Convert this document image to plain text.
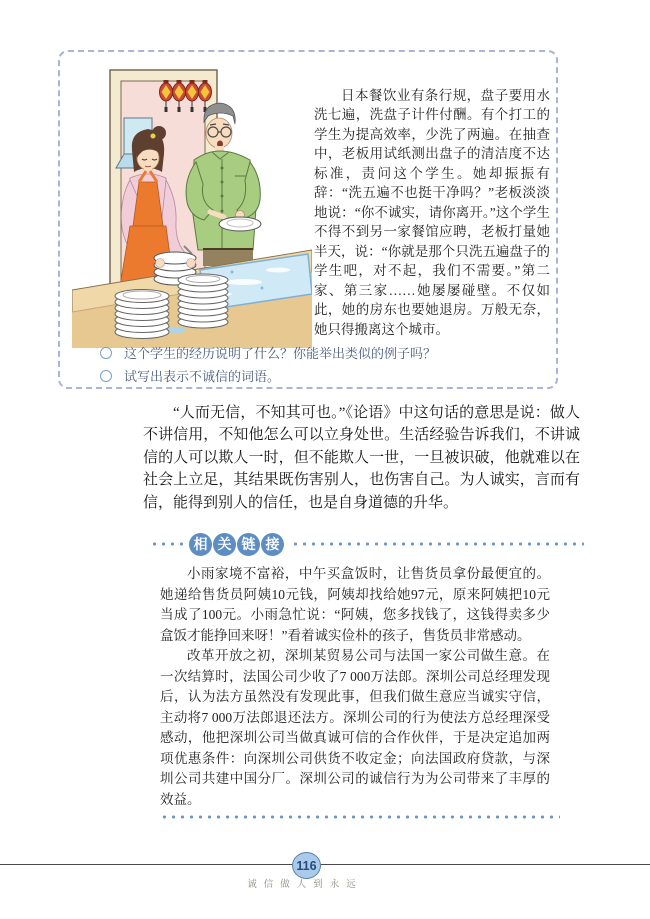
日本餐饮业有条行规，盘子要用水洗七遍，洗盘子计件付酬。有个打工的学生为提高效率，少洗了两遍。在抽查中，老板用试纸测出盘子的清洁度不达标准，责问这个学生。她却振振有辞：“洗五遍不也挺干净吗？”老板淡淡地说：“你不诚实，请你离开。”这个学生不得不到另一家餐馆应聘，老板打量她半天，说：“你就是那个只洗五遍盘子的学生吧，对不起，我们不需要。”第二家、第三家……她屡屡碰壁。不仅如此，她的房东也要她退房。万般无奈，她只得搬离这个城市。

这个学生的经历说明了什么？你能举出类似的例子吗？
试写出表示不诚信的词语。

“人而无信，不知其可也。”《论语》中这句话的意思是说：做人不讲信用，不知他怎么可以立身处世。生活经验告诉我们，不讲诚信的人可以欺人一时，但不能欺人一世，一旦被识破，他就难以在社会上立足，其结果既伤害别人，也伤害自己。为人诚实，言而有信，能得到别人的信任，也是自身道德的升华。

相 关 链 接

小雨家境不富裕，中午买盒饭时，让售货员拿份最便宜的。她递给售货员阿姨10元钱，阿姨却找给她97元，原来阿姨把10元当成了100元。小雨急忙说：“阿姨，您多找钱了，这钱得卖多少盒饭才能挣回来呀！”看着诚实俭朴的孩子，售货员非常感动。

改革开放之初，深圳某贸易公司与法国一家公司做生意。在一次结算时，法国公司少收了7 000万法郎。深圳公司总经理发现后，认为法方虽然没有发现此事，但我们做生意应当诚实守信，主动将7 000万法郎退还法方。深圳公司的行为使法方总经理深受感动，他把深圳公司当做真诚可信的合作伙伴，于是决定追加两项优惠条件：向深圳公司供货不收定金；向法国政府贷款，与深圳公司共建中国分厂。深圳公司的诚信行为为公司带来了丰厚的效益。

116
诚信做人到永远
